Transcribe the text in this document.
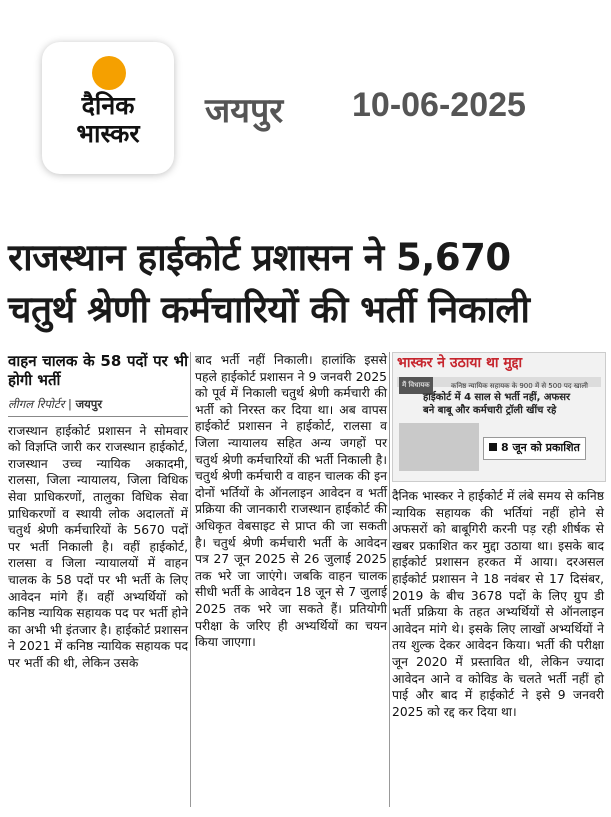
दैनिक
भास्कर
जयपुर 10-06-2025
राजस्थान हाईकोर्ट प्रशासन ने 5,670
चतुर्थ श्रेणी कर्मचारियों की भर्ती निकाली
वाहन चालक के 58 पदों पर भी होगी भर्ती
लीगल रिपोर्टर | जयपुर

राजस्थान हाईकोर्ट प्रशासन ने सोमवार को विज्ञप्ति जारी कर राजस्थान हाईकोर्ट, राजस्थान उच्च न्यायिक अकादमी, रालसा, जिला न्यायालय, जिला विधिक सेवा प्राधिकरणों, तालुका विधिक सेवा प्राधिकरणों व स्थायी लोक अदालतों में चतुर्थ श्रेणी कर्मचारियों के 5670 पदों पर भर्ती निकाली है। वहीं हाईकोर्ट, रालसा व जिला न्यायालयों में वाहन चालक के 58 पदों पर भी भर्ती के लिए आवेदन मांगे हैं। वहीं अभ्यर्थियों को कनिष्ठ न्यायिक सहायक पद पर भर्ती होने का अभी भी इंतजार है। हाईकोर्ट प्रशासन ने 2021 में कनिष्ठ न्यायिक सहायक पद पर भर्ती की थी, लेकिन उसके

बाद भर्ती नहीं निकाली। हालांकि इससे पहले हाईकोर्ट प्रशासन ने 9 जनवरी 2025 को पूर्व में निकाली चतुर्थ श्रेणी कर्मचारी की भर्ती को निरस्त कर दिया था। अब वापस हाईकोर्ट प्रशासन ने हाईकोर्ट, रालसा व जिला न्यायालय सहित अन्य जगहों पर चतुर्थ श्रेणी कर्मचारियों की भर्ती निकाली है। चतुर्थ श्रेणी कर्मचारी व वाहन चालक की इन दोनों भर्तियों के ऑनलाइन आवेदन व भर्ती प्रक्रिया की जानकारी राजस्थान हाईकोर्ट की अधिकृत वेबसाइट से प्राप्त की जा सकती है। चतुर्थ श्रेणी कर्मचारी भर्ती के आवेदन पत्र 27 जून 2025 से 26 जुलाई 2025 तक भरे जा जाएंगे। जबकि वाहन चालक सीधी भर्ती के आवेदन 18 जून से 7 जुलाई 2025 तक भरे जा सकते हैं। प्रतियोगी परीक्षा के जरिए ही अभ्यर्थियों का चयन किया जाएगा।

भास्कर ने उठाया था मुद्दा
मैं विधायक	कनिष्ठ न्यायिक सहायक के 900 में से 500 पद खाली
हाईकोर्ट में 4 साल से भर्ती नहीं, अफसर
बने बाबू और कर्मचारी ट्रॉली खींच रहे
8 जून को प्रकाशित

दैनिक भास्कर ने हाईकोर्ट में लंबे समय से कनिष्ठ न्यायिक सहायक की भर्तियां नहीं होने से अफसरों को बाबूगिरी करनी पड़ रही शीर्षक से खबर प्रकाशित कर मुद्दा उठाया था। इसके बाद हाईकोर्ट प्रशासन हरकत में आया। दरअसल हाईकोर्ट प्रशासन ने 18 नवंबर से 17 दिसंबर, 2019 के बीच 3678 पदों के लिए ग्रुप डी भर्ती प्रक्रिया के तहत अभ्यर्थियों से ऑनलाइन आवेदन मांगे थे। इसके लिए लाखों अभ्यर्थियों ने तय शुल्क देकर आवेदन किया। भर्ती की परीक्षा जून 2020 में प्रस्तावित थी, लेकिन ज्यादा आवेदन आने व कोविड के चलते भर्ती नहीं हो पाई और बाद में हाईकोर्ट ने इसे 9 जनवरी 2025 को रद्द कर दिया था।
